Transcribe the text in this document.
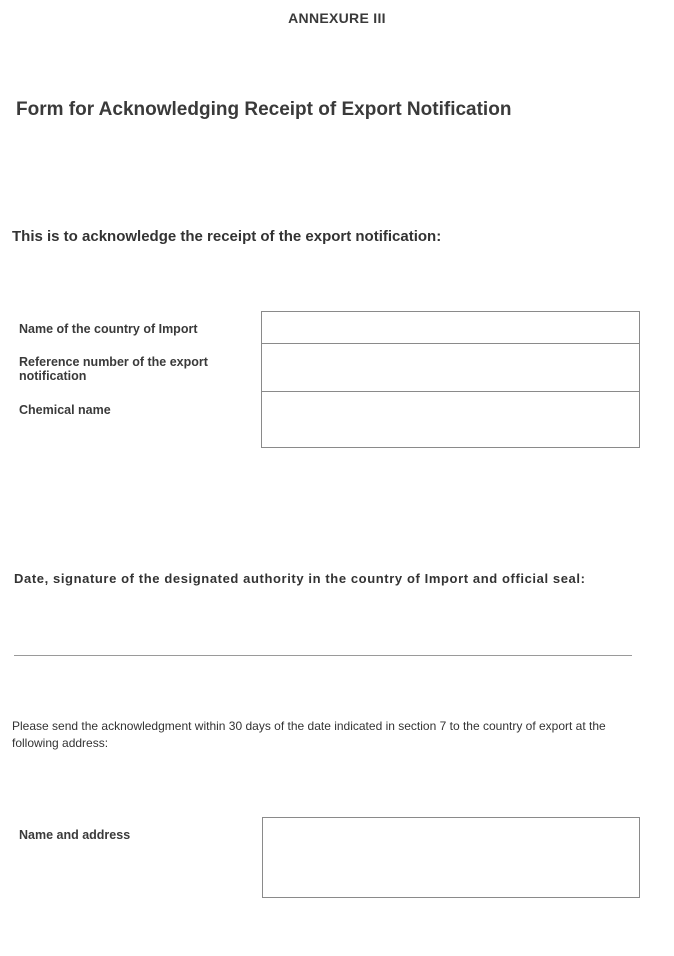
ANNEXURE III
Form for Acknowledging Receipt of Export Notification
This is to acknowledge the receipt of the export notification:
Name of the country of Import
Reference number of the export notification
Chemical name
Date, signature of the designated authority in the country of Import and official seal:
Please send the acknowledgment within 30 days of the date indicated in section 7 to the country of export at the following address:
Name and address
